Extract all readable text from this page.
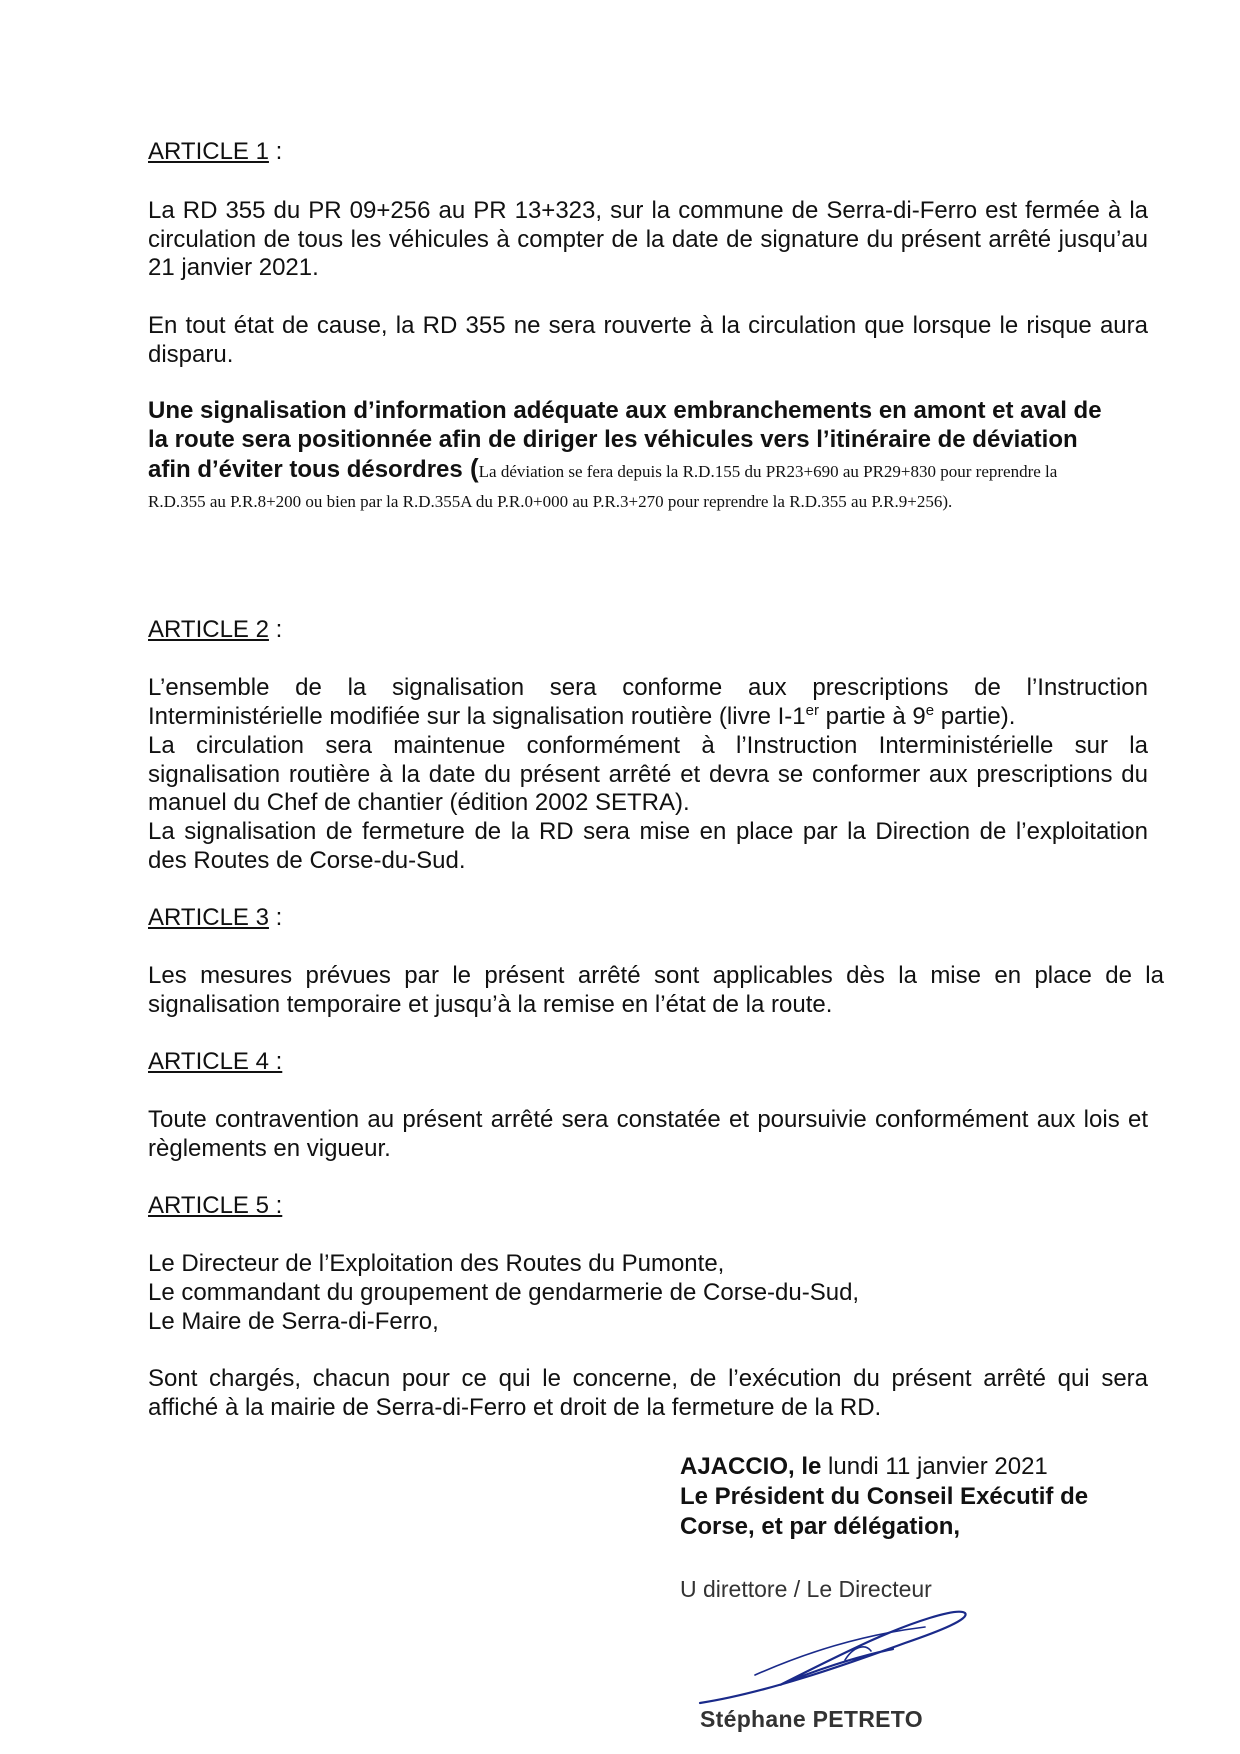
ARTICLE 1 :
La RD 355 du PR 09+256 au PR 13+323, sur la commune de Serra-di-Ferro est fermée à la circulation de tous les véhicules à compter de la date de signature du présent arrêté jusqu’au 21 janvier 2021.
En tout état de cause, la RD 355 ne sera rouverte à la circulation que lorsque le risque aura disparu.
Une signalisation d’information adéquate aux embranchements en amont et aval de la route sera positionnée afin de diriger les véhicules vers l’itinéraire de déviation afin d’éviter tous désordres (La déviation se fera depuis la R.D.155 du PR23+690 au PR29+830 pour reprendre la R.D.355 au P.R.8+200 ou bien par la R.D.355A du P.R.0+000 au P.R.3+270 pour reprendre la R.D.355 au P.R.9+256).
ARTICLE 2 :
L’ensemble de la signalisation sera conforme aux prescriptions de l’Instruction Interministérielle modifiée sur la signalisation routière (livre I-1er partie à 9e partie).
La circulation sera maintenue conformément à l’Instruction Interministérielle sur la signalisation routière à la date du présent arrêté et devra se conformer aux prescriptions du manuel du Chef de chantier (édition 2002 SETRA).
La signalisation de fermeture de la RD sera mise en place par la Direction de l’exploitation des Routes de Corse-du-Sud.
ARTICLE 3 :
Les mesures prévues par le présent arrêté sont applicables dès la mise en place de la signalisation temporaire et jusqu’à la remise en l’état de la route.
ARTICLE 4 :
Toute contravention au présent arrêté sera constatée et poursuivie conformément aux lois et règlements en vigueur.
ARTICLE 5 :
Le Directeur de l’Exploitation des Routes du Pumonte,
Le commandant du groupement de gendarmerie de Corse-du-Sud,
Le Maire de Serra-di-Ferro,
Sont chargés, chacun pour ce qui le concerne, de l’exécution du présent arrêté qui sera affiché à la mairie de Serra-di-Ferro et droit de la fermeture de la RD.
AJACCIO, le lundi 11 janvier 2021
Le Président du Conseil Exécutif de
Corse, et par délégation,
U direttore / Le Directeur
Stéphane PETRETO
